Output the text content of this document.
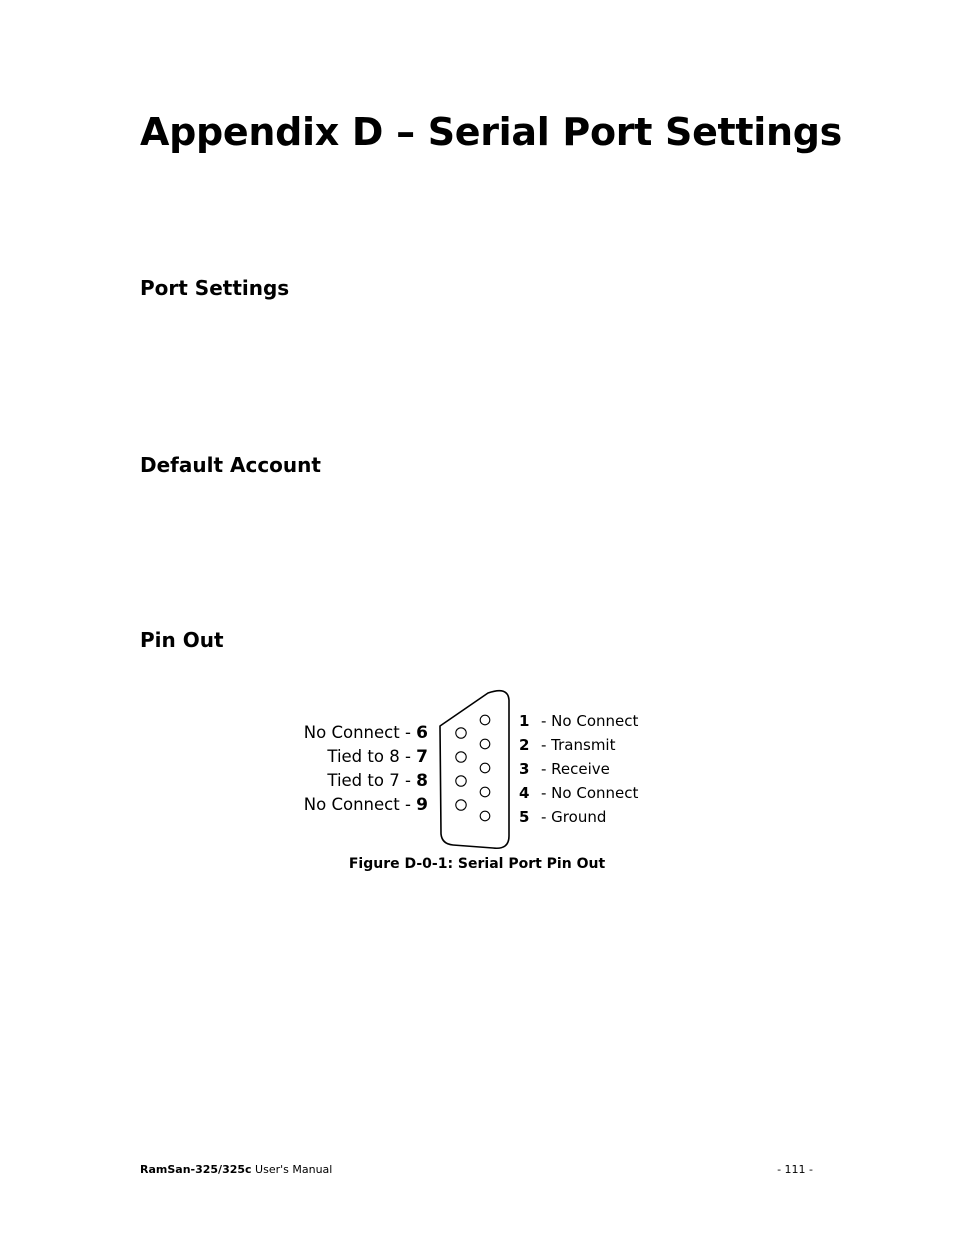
Appendix D – Serial Port Settings
Port Settings
Default Account
Pin Out
No Connect - 6
Tied to 8 - 7
Tied to 7 - 8
No Connect - 9
1 - No Connect
2 - Transmit
3 - Receive
4 - No Connect
5 - Ground

Figure D-0-1: Serial Port Pin Out

RamSan-325/325c User's Manual	- 111 -
